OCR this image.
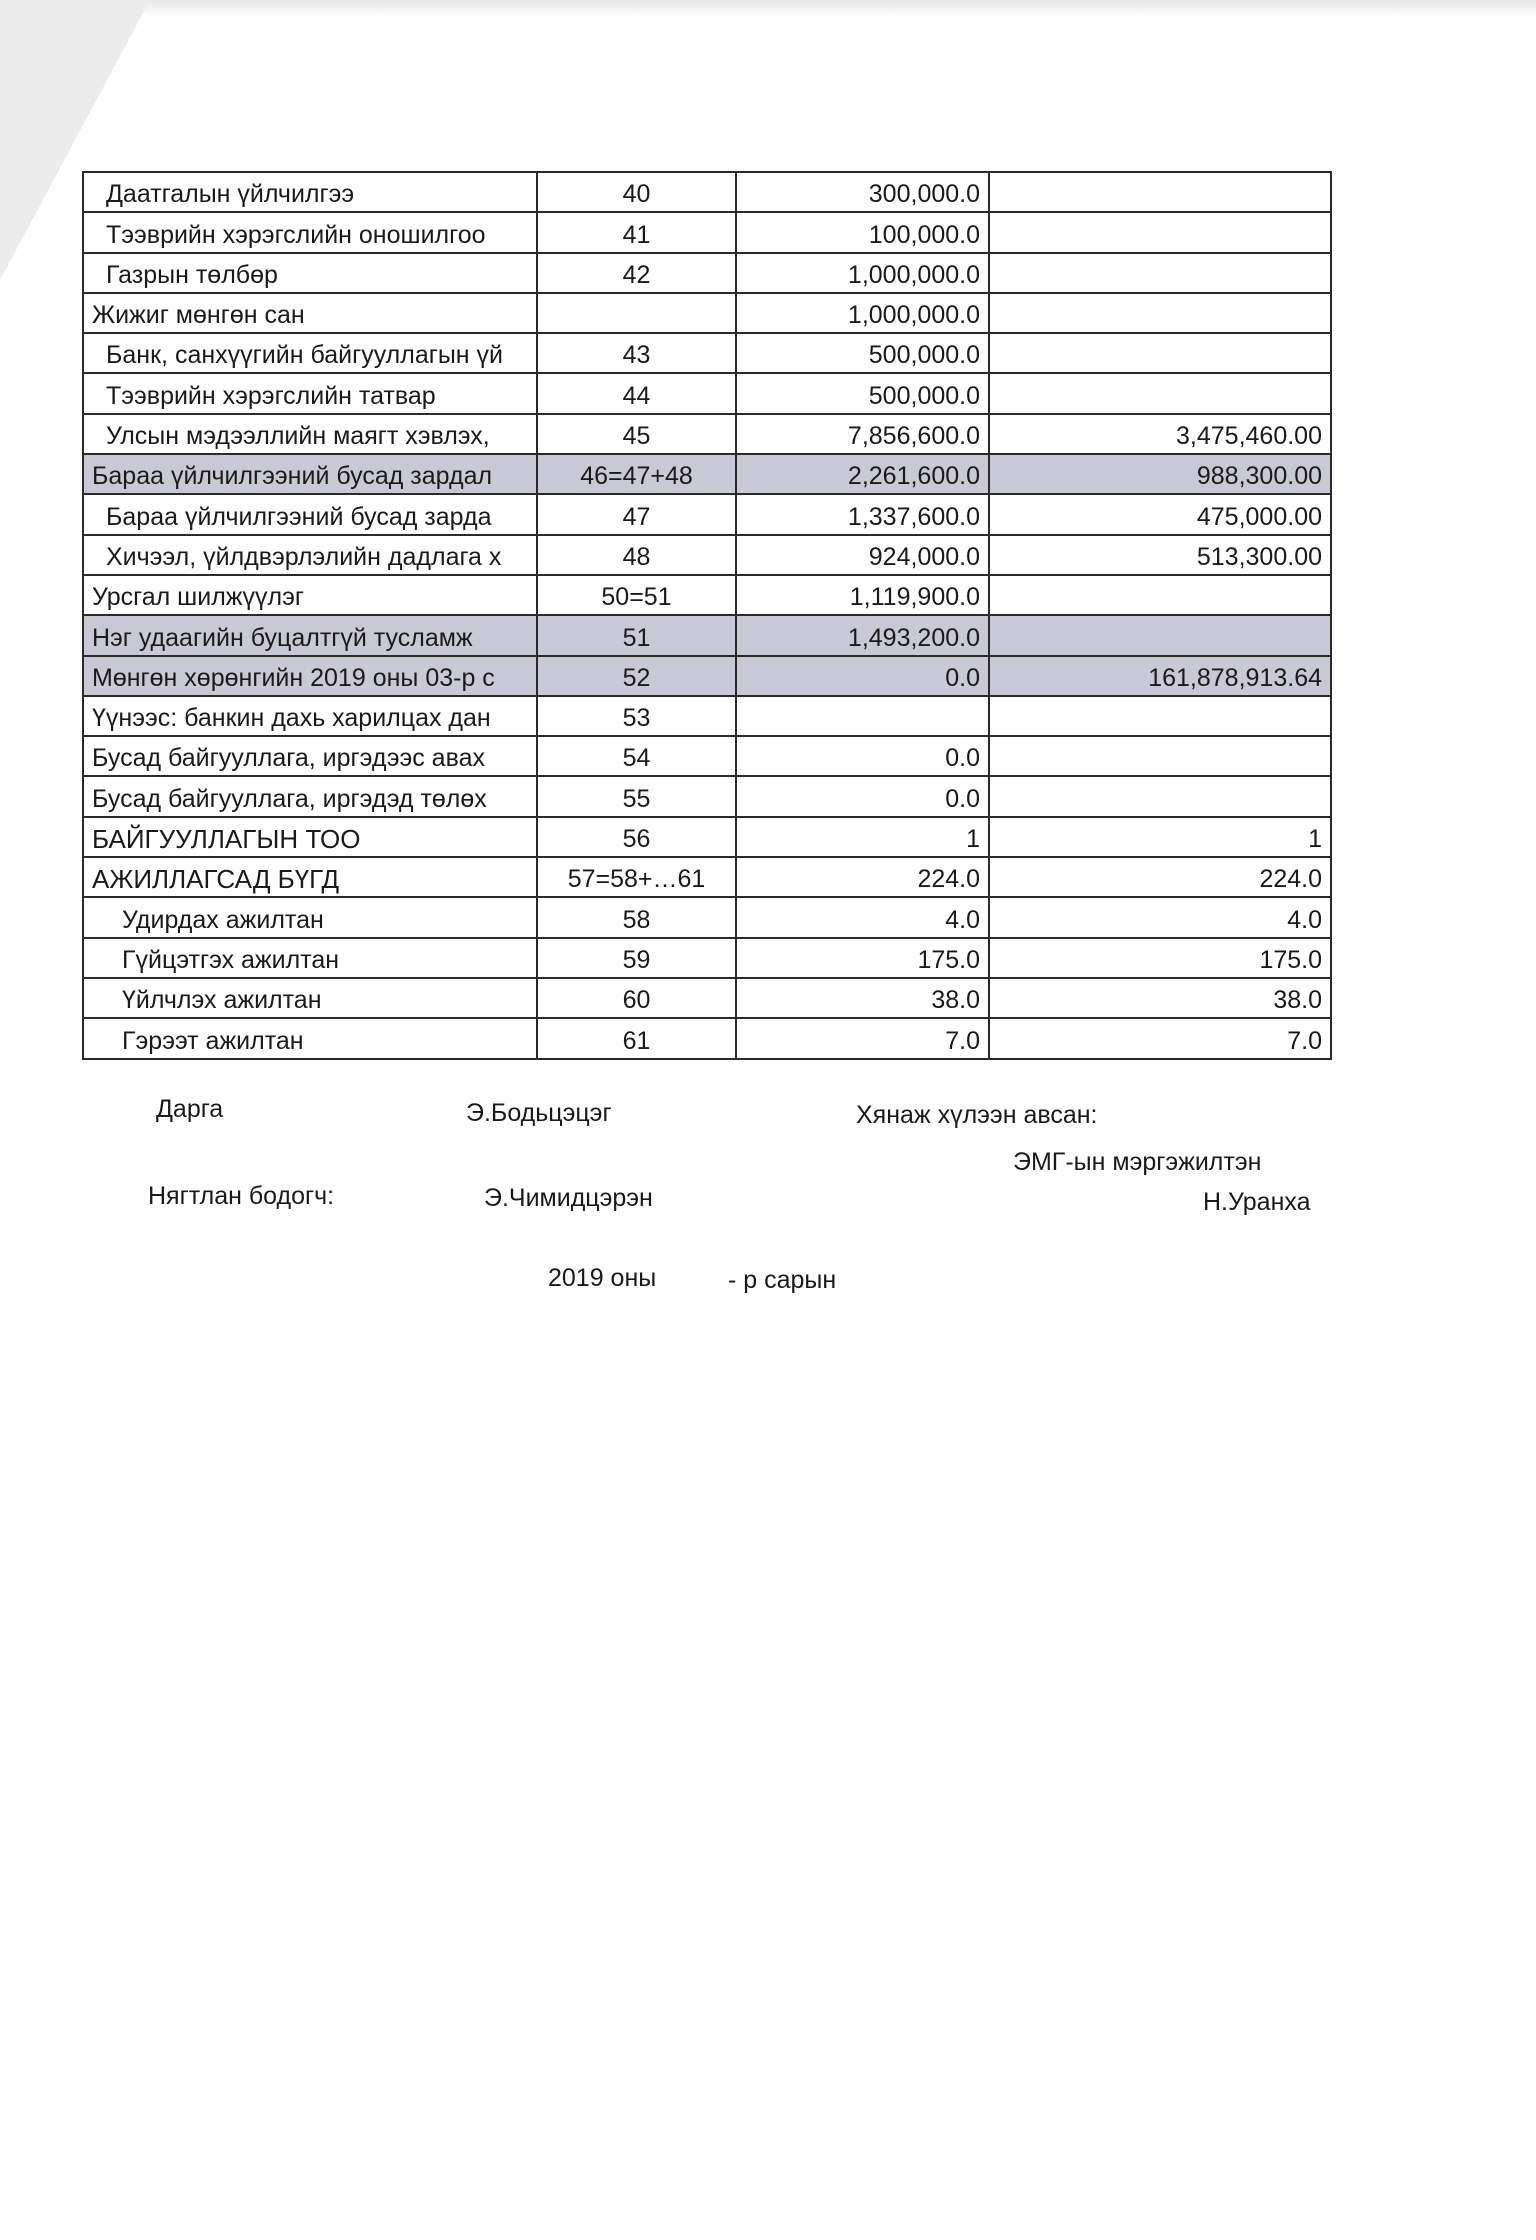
Даатгалын үйлчилгээ	40	300,000.0	
Тээврийн хэрэгслийн оношилгоо	41	100,000.0	
Газрын төлбөр	42	1,000,000.0	
Жижиг мөнгөн сан		1,000,000.0	
Банк, санхүүгийн байгууллагын үй	43	500,000.0	
Тээврийн хэрэгслийн татвар	44	500,000.0	
Улсын мэдээллийн маягт хэвлэх,	45	7,856,600.0	3,475,460.00
Бараа үйлчилгээний бусад зардал	46=47+48	2,261,600.0	988,300.00
Бараа үйлчилгээний бусад зарда	47	1,337,600.0	475,000.00
Хичээл, үйлдвэрлэлийн дадлага х	48	924,000.0	513,300.00
Урсгал шилжүүлэг	50=51	1,119,900.0	
Нэг удаагийн буцалтгүй тусламж	51	1,493,200.0	
Мөнгөн хөрөнгийн 2019 оны 03-р с	52	0.0	161,878,913.64
Үүнээс: банкин дахь харилцах дан	53		
Бусад байгууллага, иргэдээс авах	54	0.0	
Бусад байгууллага, иргэдэд төлөх	55	0.0	
БАЙГУУЛЛАГЫН ТОО	56	1	1
АЖИЛЛАГСАД БҮГД	57=58+…61	224.0	224.0
Удирдах ажилтан	58	4.0	4.0
Гүйцэтгэх ажилтан	59	175.0	175.0
Үйлчлэх ажилтан	60	38.0	38.0
Гэрээт ажилтан	61	7.0	7.0
Дарга	Э.Бодьцэцэг	Хянаж хүлээн авсан:
ЭМГ-ын мэргэжилтэн
Нягтлан бодогч:	Э.Чимидцэрэн	Н.Уранха
2019 оны	- р сарын
